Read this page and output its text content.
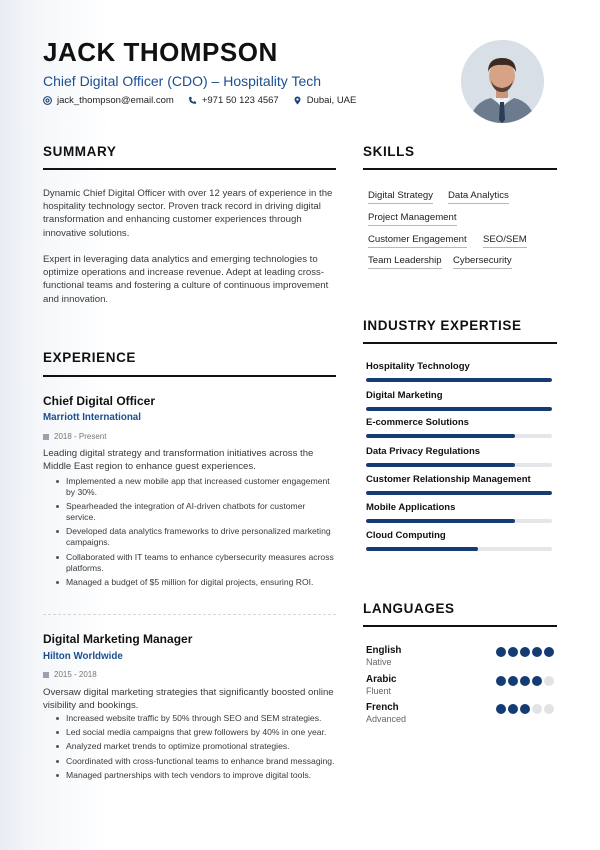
JACK THOMPSON
Chief Digital Officer (CDO) – Hospitality Tech
jack_thompson@email.com	+971 50 123 4567	Dubai, UAE
SUMMARY
Dynamic Chief Digital Officer with over 12 years of experience in the hospitality technology sector. Proven track record in driving digital transformation and enhancing customer experiences through innovative solutions.
Expert in leveraging data analytics and emerging technologies to optimize operations and increase revenue. Adept at leading cross-functional teams and fostering a culture of continuous improvement and innovation.
EXPERIENCE
Chief Digital Officer
Marriott International
2018 - Present
Leading digital strategy and transformation initiatives across the Middle East region to enhance guest experiences.
Implemented a new mobile app that increased customer engagement by 30%.
Spearheaded the integration of AI-driven chatbots for customer service.
Developed data analytics frameworks to drive personalized marketing campaigns.
Collaborated with IT teams to enhance cybersecurity measures across platforms.
Managed a budget of $5 million for digital projects, ensuring ROI.
Digital Marketing Manager
Hilton Worldwide
2015 - 2018
Oversaw digital marketing strategies that significantly boosted online visibility and bookings.
Increased website traffic by 50% through SEO and SEM strategies.
Led social media campaigns that grew followers by 40% in one year.
Analyzed market trends to optimize promotional strategies.
Coordinated with cross-functional teams to enhance brand messaging.
Managed partnerships with tech vendors to improve digital tools.
SKILLS
Digital Strategy Data Analytics
Project Management
Customer Engagement SEO/SEM
Team Leadership Cybersecurity
INDUSTRY EXPERTISE
Hospitality Technology
Digital Marketing
E-commerce Solutions
Data Privacy Regulations
Customer Relationship Management
Mobile Applications
Cloud Computing
LANGUAGES
English
Native
Arabic
Fluent
French
Advanced
